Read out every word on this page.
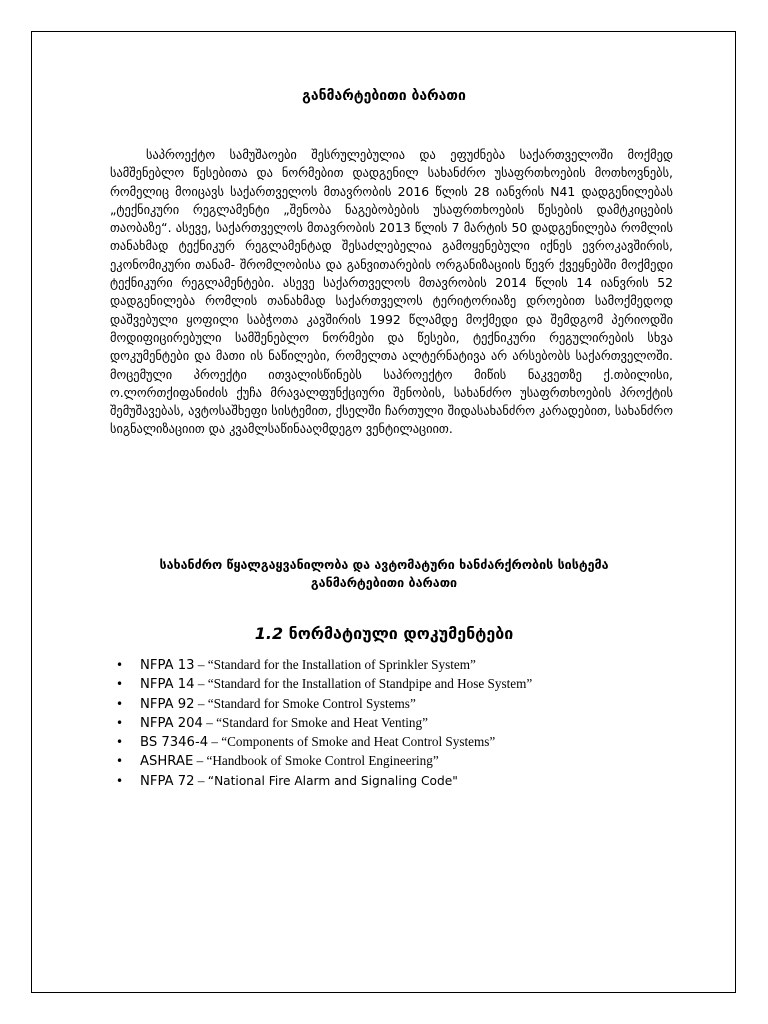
განმარტებითი ბარათი

საპროექტო სამუშაოები შესრულებულია და ეფუძნება საქართველოში მოქმედ სამშენებლო წესებითა და ნორმებით დადგენილ სახანძრო უსაფრთხოების მოთხოვნებს, რომელიც მოიცავს საქართველოს მთავრობის 2016 წლის 28 იანვრის N41 დადგენილებას „ტექნიკური რეგლამენტი „შენობა ნაგებობების უსაფრთხოების წესების დამტკიცების თაობაზე“. ასევე, საქართველოს მთავრობის 2013 წლის 7 მარტის 50 დადგენილება რომლის თანახმად ტექნიკურ რეგლამენტად შესაძლებელია გამოყენებული იქნეს ევროკავშირის, ეკონომიკური თანამ- შრომლობისა და განვითარების ორგანიზაციის წევრ ქვეყნებში მოქმედი ტექნიკური რეგლამენტები. ასევე საქართველოს მთავრობის 2014 წლის 14 იანვრის 52 დადგენილება რომლის თანახმად საქართველოს ტერიტორიაზე დროებით სამოქმედოდ დაშვებული ყოფილი საბჭოთა კავშირის 1992 წლამდე მოქმედი და შემდგომ პერიოდში მოდიფიცირებული სამშენებლო ნორმები და წესები, ტექნიკური რეგულირების სხვა დოკუმენტები და მათი ის ნაწილები, რომელთა ალტერნატივა არ არსებობს საქართველოში. მოცემული პროექტი ითვალისწინებს საპროექტო მიწის ნაკვეთზე ქ.თბილისი, ო.ლორთქიფანიძის ქუჩა მრავალფუნქციური შენობის, სახანძრო უსაფრთხოების პროქტის შემუშავებას, ავტოსაშხეფი სისტემით, ქსელში ჩართული შიდასახანძრო კარადებით, სახანძრო სიგნალიზაციით და კვამლსაწინააღმდეგო ვენტილაციით.

სახანძრო წყალგაყვანილობა და ავტომატური ხანძარქრობის სისტემა
განმარტებითი ბარათი
1.2 ნორმატიული დოკუმენტები
• NFPA 13 – “Standard for the Installation of Sprinkler System”
• NFPA 14 – “Standard for the Installation of Standpipe and Hose System”
• NFPA 92 – “Standard for Smoke Control Systems”
• NFPA 204 – “Standard for Smoke and Heat Venting”
• BS 7346-4 – “Components of Smoke and Heat Control Systems”
• ASHRAE – “Handbook of Smoke Control Engineering”
• NFPA 72 – “National Fire Alarm and Signaling Code"
